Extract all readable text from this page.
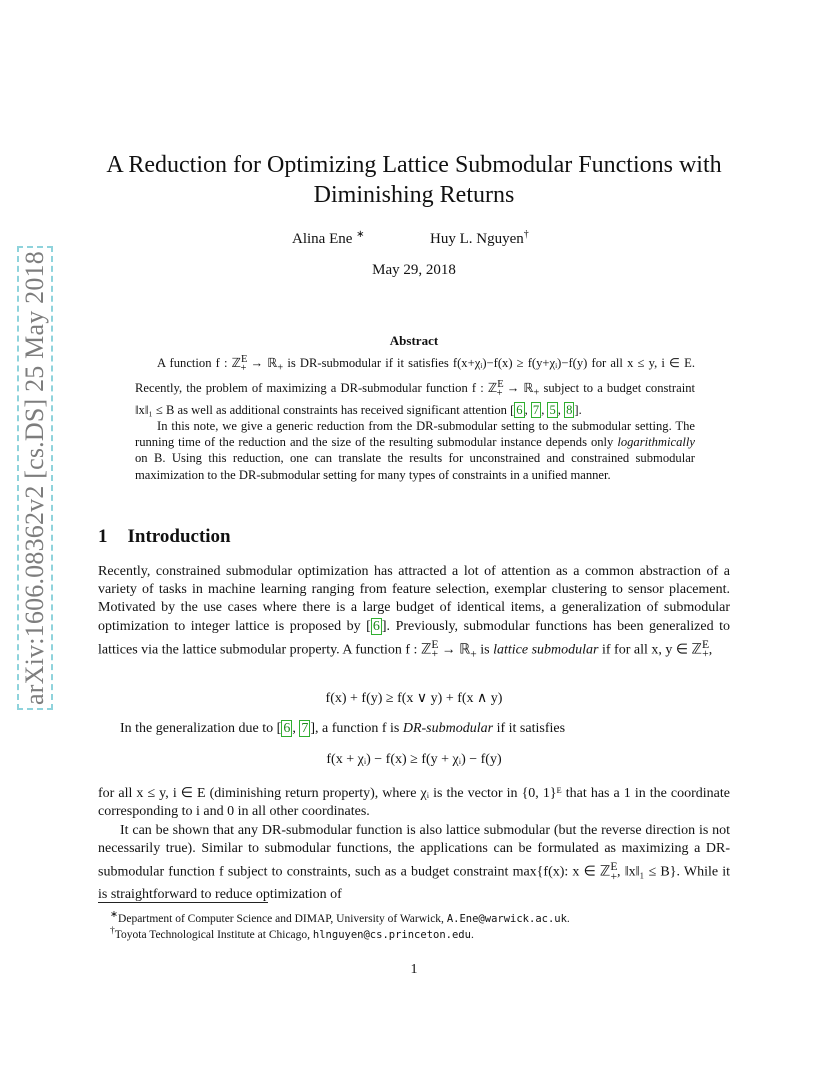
arXiv:1606.08362v2 [cs.DS] 25 May 2018
A Reduction for Optimizing Lattice Submodular Functions with Diminishing Returns
Alina Ene ∗	Huy L. Nguyen†
May 29, 2018
Abstract

A function f : ℤ$^E_+$ → ℝ$_+$ is DR-submodular if it satisfies f(x+χᵢ)−f(x) ≥ f(y+χᵢ)−f(y) for all x ≤ y, i ∈ E. Recently, the problem of maximizing a DR-submodular function f : ℤ$^E_+$ → ℝ$_+$ subject to a budget constraint ‖x‖₁ ≤ B as well as additional constraints has received significant attention [ 6 , 7 , 5 , 8 ].

In this note, we give a generic reduction from the DR-submodular setting to the submodular setting. The running time of the reduction and the size of the resulting submodular instance depends only logarithmically on B. Using this reduction, one can translate the results for unconstrained and constrained submodular maximization to the DR-submodular setting for many types of constraints in a unified manner.

1 Introduction

Recently, constrained submodular optimization has attracted a lot of attention as a common abstraction of a variety of tasks in machine learning ranging from feature selection, exemplar clustering to sensor placement. Motivated by the use cases where there is a large budget of identical items, a generalization of submodular optimization to integer lattice is proposed by [ 6 ]. Previously, submodular functions has been generalized to lattices via the lattice submodular property. A function f : ℤ$^E_+$ → ℝ$_+$ is lattice submodular if for all x, y ∈ ℤ$^E_+$,

f(x) + f(y) ≥ f(x ∨ y) + f(x ∧ y)

In the generalization due to [ 6 , 7 ], a function f is DR-submodular if it satisfies

f(x + χᵢ) − f(x) ≥ f(y + χᵢ) − f(y)

for all x ≤ y, i ∈ E (diminishing return property), where χᵢ is the vector in {0, 1}ᴱ that has a 1 in the coordinate corresponding to i and 0 in all other coordinates.

It can be shown that any DR-submodular function is also lattice submodular (but the reverse direction is not necessarily true). Similar to submodular functions, the applications can be formulated as maximizing a DR-submodular function f subject to constraints, such as a budget constraint max{f(x): x ∈ ℤ$^E_+$, ‖x‖₁ ≤ B}. While it is straightforward to reduce optimization of

∗Department of Computer Science and DIMAP, University of Warwick, A.Ene@warwick.ac.uk.
†Toyota Technological Institute at Chicago, hlnguyen@cs.princeton.edu.
1
